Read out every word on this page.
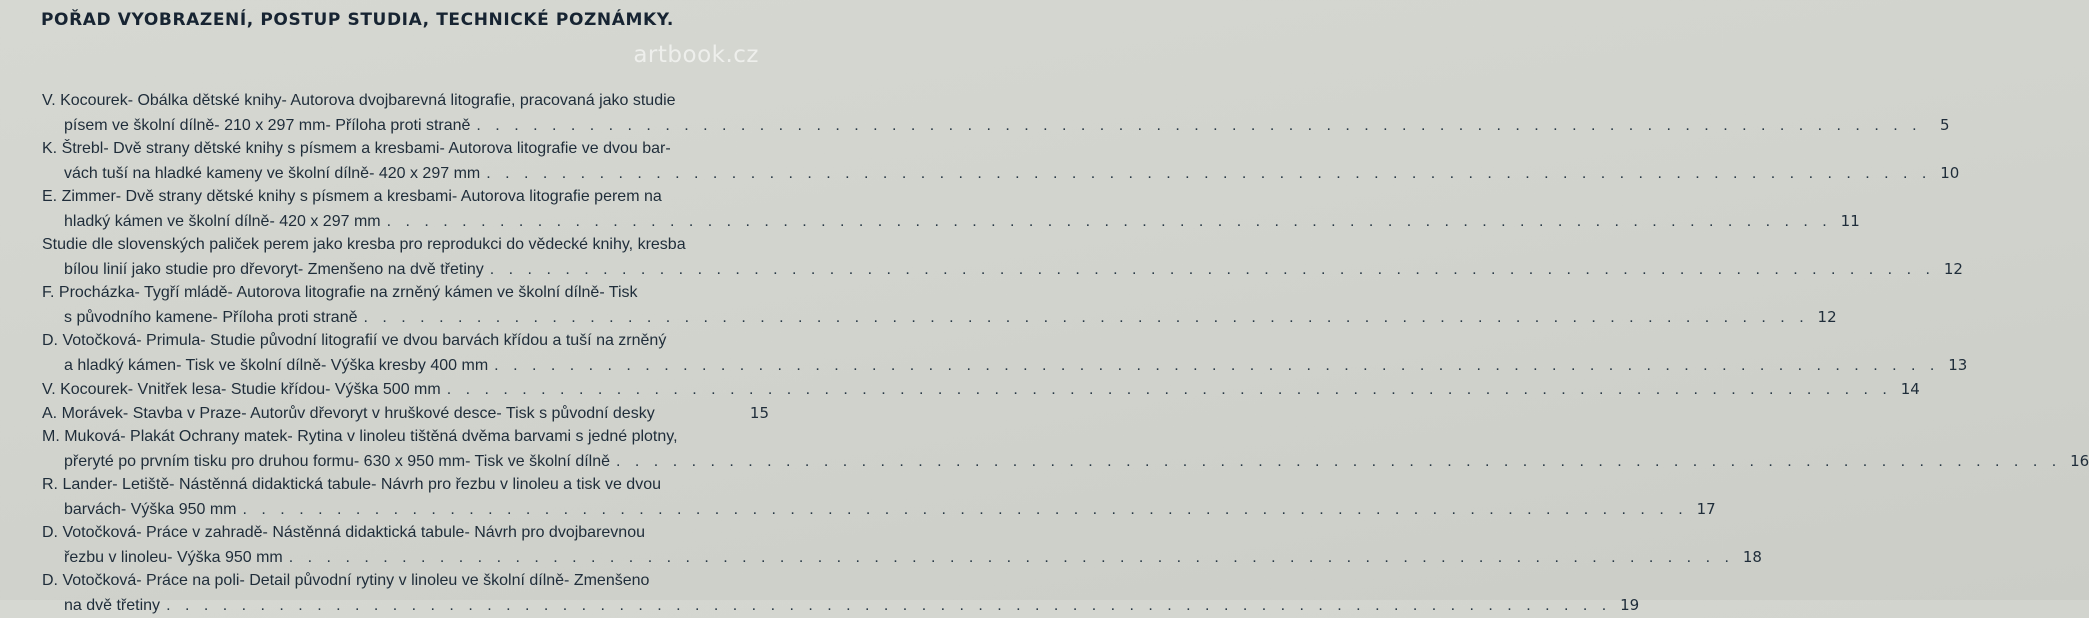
POŘAD VYOBRAZENÍ, POSTUP STUDIA, TECHNICKÉ POZNÁMKY.
artbook.cz
V. Kocourek- Obálka dětské knihy- Autorova dvojbarevná litografie, pracovaná jako studie
písem ve školní dílně- 210 x 297 mm- Příloha proti straně . . . . . . . . . . . . . . . . . . . . . . . . . . . . . . . . . . . . . . . . . . . . . . . . . . . . . . . . . . . . . . . . . . . . . . . . . . . . .	5
K. Štrebl- Dvě strany dětské knihy s písmem a kresbami- Autorova litografie ve dvou bar-
vách tuší na hladké kameny ve školní dílně- 420 x 297 mm . . . . . . . . . . . . . . . . . . . . . . . . . . . . . . . . . . . . . . . . . . . . . . . . . . . . . . . . . . . . . . . . . . . . . . . . . . . . . 10
E. Zimmer- Dvě strany dětské knihy s písmem a kresbami- Autorova litografie perem na
hladký kámen ve školní dílně- 420 x 297 mm . . . . . . . . . . . . . . . . . . . . . . . . . . . . . . . . . . . . . . . . . . . . . . . . . . . . . . . . . . . . . . . . . . . . . . . . . . . . . 11
Studie dle slovenských paliček perem jako kresba pro reprodukci do vědecké knihy, kresba
bílou linií jako studie pro dřevoryt- Zmenšeno na dvě třetiny . . . . . . . . . . . . . . . . . . . . . . . . . . . . . . . . . . . . . . . . . . . . . . . . . . . . . . . . . . . . . . . . . . . . . . . . . . . . . 12
F. Procházka- Tygří mládě- Autorova litografie na zrněný kámen ve školní dílně- Tisk
s původního kamene- Příloha proti straně . . . . . . . . . . . . . . . . . . . . . . . . . . . . . . . . . . . . . . . . . . . . . . . . . . . . . . . . . . . . . . . . . . . . . . . . . . . . . 12
D. Votočková- Primula- Studie původní litografií ve dvou barvách křídou a tuší na zrněný
a hladký kámen- Tisk ve školní dílně- Výška kresby 400 mm . . . . . . . . . . . . . . . . . . . . . . . . . . . . . . . . . . . . . . . . . . . . . . . . . . . . . . . . . . . . . . . . . . . . . . . . . . . . . 13
V. Kocourek- Vnitřek lesa- Studie křídou- Výška 500 mm . . . . . . . . . . . . . . . . . . . . . . . . . . . . . . . . . . . . . . . . . . . . . . . . . . . . . . . . . . . . . . . . . . . . . . . . . . . . . 14
A. Morávek- Stavba v Praze- Autorův dřevoryt v hruškové desce- Tisk s původní desky	15
M. Muková- Plakát Ochrany matek- Rytina v linoleu tištěná dvěma barvami s jedné plotny,
přeryté po prvním tisku pro druhou formu- 630 x 950 mm- Tisk ve školní dílně . . . . . . . . . . . . . . . . . . . . . . . . . . . . . . . . . . . . . . . . . . . . . . . . . . . . . . . . . . . . . . . . . . . . . . . . . . . . . 16
R. Lander- Letiště- Nástěnná didaktická tabule- Návrh pro řezbu v linoleu a tisk ve dvou
barvách- Výška 950 mm . . . . . . . . . . . . . . . . . . . . . . . . . . . . . . . . . . . . . . . . . . . . . . . . . . . . . . . . . . . . . . . . . . . . . . . . . . . . . 17
D. Votočková- Práce v zahradě- Nástěnná didaktická tabule- Návrh pro dvojbarevnou
řezbu v linoleu- Výška 950 mm . . . . . . . . . . . . . . . . . . . . . . . . . . . . . . . . . . . . . . . . . . . . . . . . . . . . . . . . . . . . . . . . . . . . . . . . . . . . . 18
D. Votočková- Práce na poli- Detail původní rytiny v linoleu ve školní dílně- Zmenšeno
na dvě třetiny . . . . . . . . . . . . . . . . . . . . . . . . . . . . . . . . . . . . . . . . . . . . . . . . . . . . . . . . . . . . . . . . . . . . . . . . . . . . . 19
